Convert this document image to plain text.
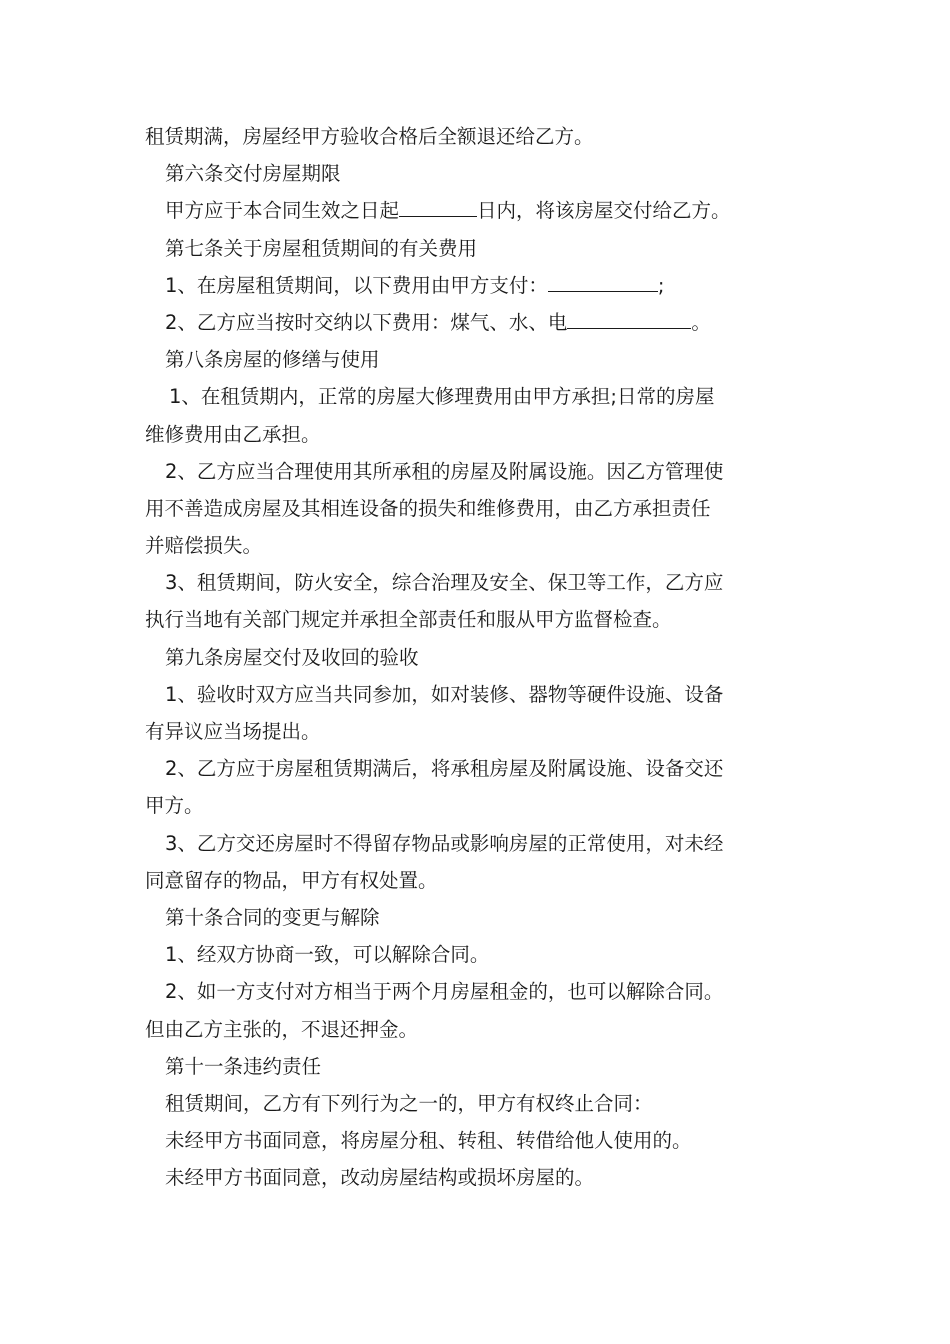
租赁期满，房屋经甲方验收合格后全额退还给乙方。
第六条交付房屋期限
甲方应于本合同生效之日起	日内，将该房屋交付给乙方。
第七条关于房屋租赁期间的有关费用
1、在房屋租赁期间，以下费用由甲方支付：	;
2、乙方应当按时交纳以下费用：煤气、水、电	。
第八条房屋的修缮与使用
1、在租赁期内，正常的房屋大修理费用由甲方承担;日常的房屋
维修费用由乙承担。
2、乙方应当合理使用其所承租的房屋及附属设施。因乙方管理使
用不善造成房屋及其相连设备的损失和维修费用，由乙方承担责任
并赔偿损失。
3、租赁期间，防火安全，综合治理及安全、保卫等工作，乙方应
执行当地有关部门规定并承担全部责任和服从甲方监督检查。
第九条房屋交付及收回的验收
1、验收时双方应当共同参加，如对装修、器物等硬件设施、设备
有异议应当场提出。
2、乙方应于房屋租赁期满后，将承租房屋及附属设施、设备交还
甲方。
3、乙方交还房屋时不得留存物品或影响房屋的正常使用，对未经
同意留存的物品，甲方有权处置。
第十条合同的变更与解除
1、经双方协商一致，可以解除合同。
2、如一方支付对方相当于两个月房屋租金的，也可以解除合同。
但由乙方主张的，不退还押金。
第十一条违约责任
租赁期间，乙方有下列行为之一的，甲方有权终止合同：
未经甲方书面同意，将房屋分租、转租、转借给他人使用的。
未经甲方书面同意，改动房屋结构或损坏房屋的。
